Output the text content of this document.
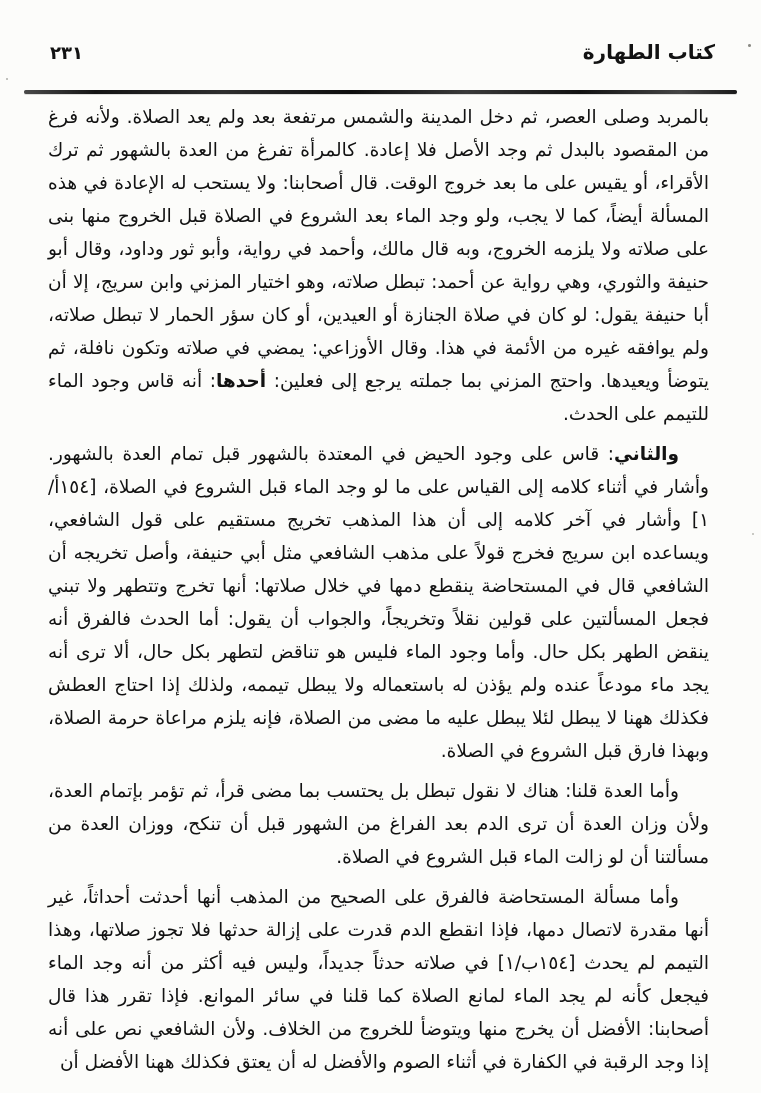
كتاب الطهارة
٢٣١

بالمربد وصلى العصر، ثم دخل المدينة والشمس مرتفعة بعد ولم يعد الصلاة. ولأنه فرغ من المقصود بالبدل ثم وجد الأصل فلا إعادة. كالمرأة تفرغ من العدة بالشهور ثم ترك الأقراء، أو يقيس على ما بعد خروج الوقت. قال أصحابنا: ولا يستحب له الإعادة في هذه المسألة أيضاً، كما لا يجب، ولو وجد الماء بعد الشروع في الصلاة قبل الخروج منها بنى على صلاته ولا يلزمه الخروج، وبه قال مالك، وأحمد في رواية، وأبو ثور وداود، وقال أبو حنيفة والثوري، وهي رواية عن أحمد: تبطل صلاته، وهو اختيار المزني وابن سريج، إلا أن أبا حنيفة يقول: لو كان في صلاة الجنازة أو العيدين، أو كان سؤر الحمار لا تبطل صلاته، ولم يوافقه غيره من الأئمة في هذا. وقال الأوزاعي: يمضي في صلاته وتكون نافلة، ثم يتوضأ ويعيدها. واحتج المزني بما جملته يرجع إلى فعلين: أحدها: أنه قاس وجود الماء للتيمم على الحدث.

والثاني: قاس على وجود الحيض في المعتدة بالشهور قبل تمام العدة بالشهور. وأشار في أثناء كلامه إلى القياس على ما لو وجد الماء قبل الشروع في الصلاة، [١٥٤أ/١] وأشار في آخر كلامه إلى أن هذا المذهب تخريج مستقيم على قول الشافعي، ويساعده ابن سريج فخرج قولاً على مذهب الشافعي مثل أبي حنيفة، وأصل تخريجه أن الشافعي قال في المستحاضة ينقطع دمها في خلال صلاتها: أنها تخرج وتتطهر ولا تبني فجعل المسألتين على قولين نقلاً وتخريجاً، والجواب أن يقول: أما الحدث فالفرق أنه ينقض الطهر بكل حال. وأما وجود الماء فليس هو تناقض لتطهر بكل حال، ألا ترى أنه يجد ماء مودعاً عنده ولم يؤذن له باستعماله ولا يبطل تيممه، ولذلك إذا احتاج العطش فكذلك ههنا لا يبطل لئلا يبطل عليه ما مضى من الصلاة، فإنه يلزم مراعاة حرمة الصلاة، وبهذا فارق قبل الشروع في الصلاة.

وأما العدة قلنا: هناك لا نقول تبطل بل يحتسب بما مضى قرأ، ثم تؤمر بإتمام العدة، ولأن وزان العدة أن ترى الدم بعد الفراغ من الشهور قبل أن تنكح، ووزان العدة من مسألتنا أن لو زالت الماء قبل الشروع في الصلاة.

وأما مسألة المستحاضة فالفرق على الصحيح من المذهب أنها أحدثت أحداثاً، غير أنها مقدرة لاتصال دمها، فإذا انقطع الدم قدرت على إزالة حدثها فلا تجوز صلاتها، وهذا التيمم لم يحدث [١٥٤ب/١] في صلاته حدثاً جديداً، وليس فيه أكثر من أنه وجد الماء فيجعل كأنه لم يجد الماء لمانع الصلاة كما قلنا في سائر الموانع. فإذا تقرر هذا قال أصحابنا: الأفضل أن يخرج منها ويتوضأ للخروج من الخلاف. ولأن الشافعي نص على أنه إذا وجد الرقبة في الكفارة في أثناء الصوم والأفضل له أن يعتق فكذلك ههنا الأفضل أن
